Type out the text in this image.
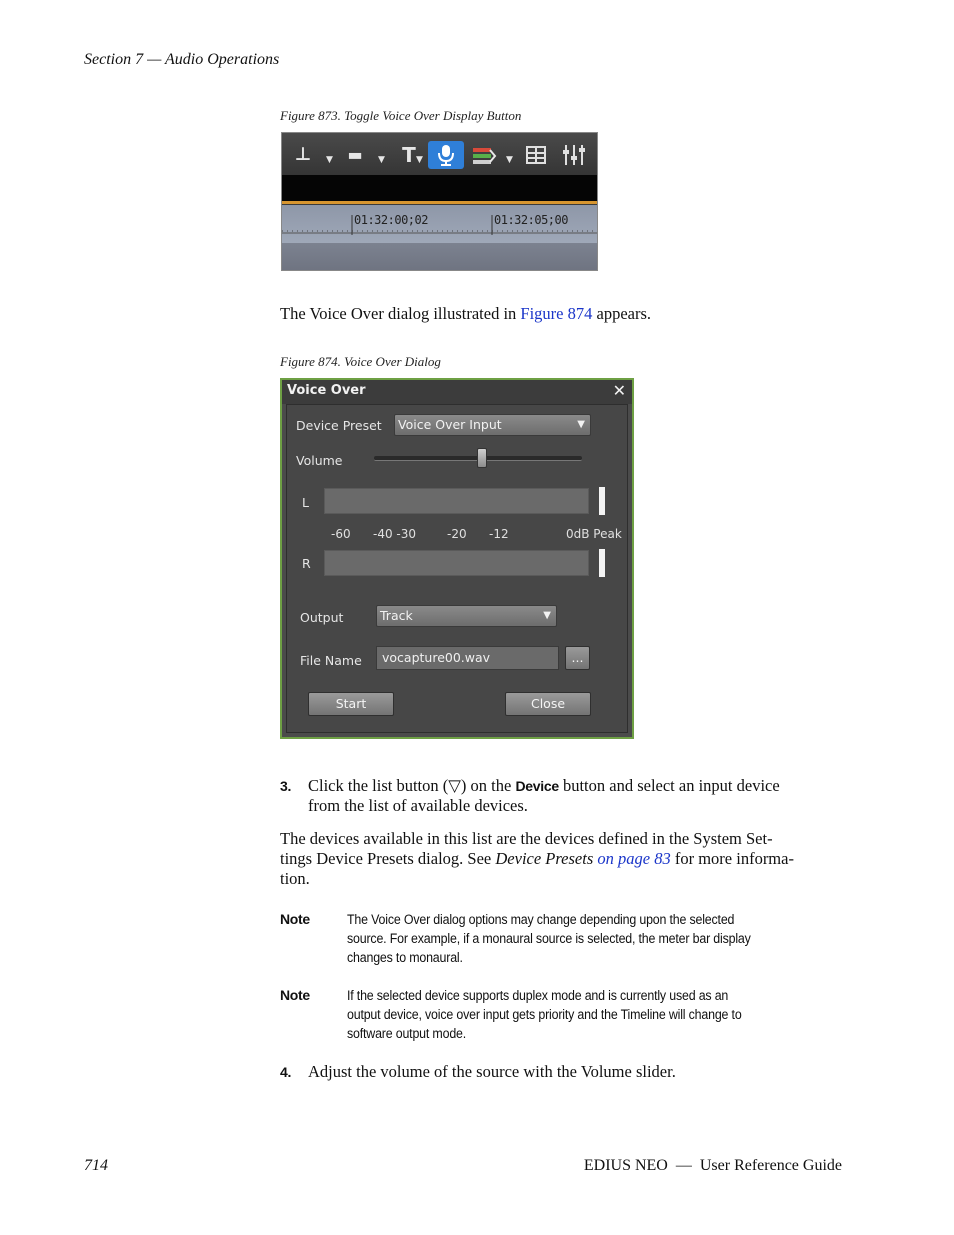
Section 7 — Audio Operations
Figure 873. Toggle Voice Over Display Button
⊥	▼ ▬	▼ T ▼	▼
01:32:00;02	01:32:05;00
The Voice Over dialog illustrated in Figure 874 appears.
Figure 874. Voice Over Dialog
Voice Over	✕
Device Preset	Voice Over Input	▼
Volume
L
-60 -40 -30	-20 -12	0dB Peak
R
Output	Track	▼
File Name	vocapture00.wav	...
Start	Close
3. Click the list button (▽) on the Device button and select an input device
from the list of available devices.
The devices available in this list are the devices defined in the System Set-
tings Device Presets dialog. See Device Presets on page 83 for more informa-
tion.
Note	The Voice Over dialog options may change depending upon the selected
source. For example, if a monaural source is selected, the meter bar display
changes to monaural.
Note	If the selected device supports duplex mode and is currently used as an
output device, voice over input gets priority and the Timeline will change to
software output mode.
4. Adjust the volume of the source with the Volume slider.
714	EDIUS NEO  —  User Reference Guide
